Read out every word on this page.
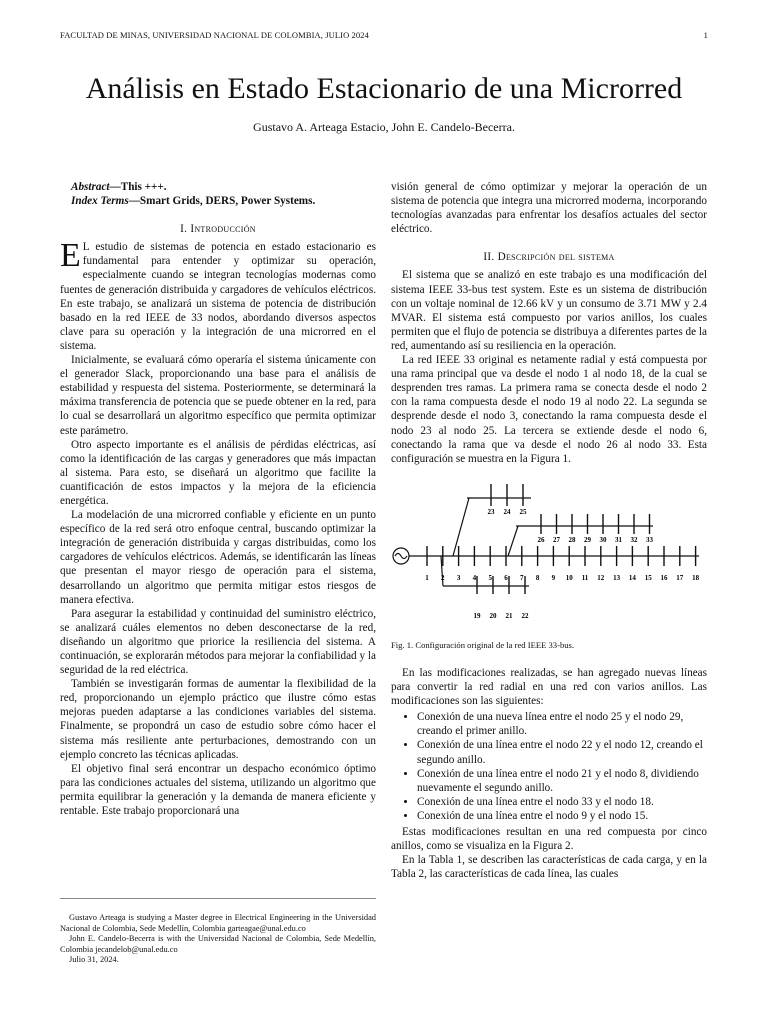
FACULTAD DE MINAS, UNIVERSIDAD NACIONAL DE COLOMBIA, JULIO 2024	1
Análisis en Estado Estacionario de una Microrred
Gustavo A. Arteaga Estacio, John E. Candelo-Becerra.

Abstract—This +++.

Index Terms—Smart Grids, DERS, Power Systems.

I. Introducción

E L estudio de sistemas de potencia en estado estacionario es fundamental para entender y optimizar su operación, especialmente cuando se integran tecnologías modernas como fuentes de generación distribuida y cargadores de vehículos eléctricos. En este trabajo, se analizará un sistema de potencia de distribución basado en la red IEEE de 33 nodos, abordando diversos aspectos clave para su operación y la integración de una microrred en el sistema.

Inicialmente, se evaluará cómo operaría el sistema únicamente con el generador Slack, proporcionando una base para el análisis de estabilidad y respuesta del sistema. Posteriormente, se determinará la máxima transferencia de potencia que se puede obtener en la red, para lo cual se desarrollará un algoritmo específico que permita optimizar este parámetro.

Otro aspecto importante es el análisis de pérdidas eléctricas, así como la identificación de las cargas y generadores que más impactan al sistema. Para esto, se diseñará un algoritmo que facilite la cuantificación de estos impactos y la mejora de la eficiencia energética.

La modelación de una microrred confiable y eficiente en un punto específico de la red será otro enfoque central, buscando optimizar la integración de generación distribuida y cargas distribuidas, como los cargadores de vehículos eléctricos. Además, se identificarán las líneas que presentan el mayor riesgo de operación para el sistema, desarrollando un algoritmo que permita mitigar estos riesgos de manera efectiva.

Para asegurar la estabilidad y continuidad del suministro eléctrico, se analizará cuáles elementos no deben desconectarse de la red, diseñando un algoritmo que priorice la resiliencia del sistema. A continuación, se explorarán métodos para mejorar la confiabilidad y la seguridad de la red eléctrica.

También se investigarán formas de aumentar la flexibilidad de la red, proporcionando un ejemplo práctico que ilustre cómo estas mejoras pueden adaptarse a las condiciones variables del sistema. Finalmente, se propondrá un caso de estudio sobre cómo hacer el sistema más resiliente ante perturbaciones, demostrando con un ejemplo concreto las técnicas aplicadas.

El objetivo final será encontrar un despacho económico óptimo para las condiciones actuales del sistema, utilizando un algoritmo que permita equilibrar la generación y la demanda de manera eficiente y rentable. Este trabajo proporcionará una

Gustavo Arteaga is studying a Master degree in Electrical Engineering in the Universidad Nacional de Colombia, Sede Medellín, Colombia garteagae@unal.edu.co
John E. Candelo-Becerra is with the Universidad Nacional de Colombia, Sede Medellín, Colombia jecandelob@unal.edu.co
Julio 31, 2024.

visión general de cómo optimizar y mejorar la operación de un sistema de potencia que integra una microrred moderna, incorporando tecnologías avanzadas para enfrentar los desafíos actuales del sector eléctrico.

II. Descripción del sistema

El sistema que se analizó en este trabajo es una modificación del sistema IEEE 33-bus test system. Este es un sistema de distribución con un voltaje nominal de 12.66 kV y un consumo de 3.71 MW y 2.4 MVAR. El sistema está compuesto por varios anillos, los cuales permiten que el flujo de potencia se distribuya a diferentes partes de la red, aumentando así su resiliencia en la operación.

La red IEEE 33 original es netamente radial y está compuesta por una rama principal que va desde el nodo 1 al nodo 18, de la cual se desprenden tres ramas. La primera rama se conecta desde el nodo 2 con la rama compuesta desde el nodo 19 al nodo 22. La segunda se desprende desde el nodo 3, conectando la rama compuesta desde el nodo 23 al nodo 25. La tercera se extiende desde el nodo 6, conectando la rama que va desde el nodo 26 al nodo 33. Esta configuración se muestra en la Figura 1.

1 2 3 4 5 6 7 8 9 10 11 12 13 14 15 16 17 18
23 24 25
26 27 28 29 30 31 32 33
19 20 21 22
Fig. 1. Configuración original de la red IEEE 33-bus.

En las modificaciones realizadas, se han agregado nuevas líneas para convertir la red radial en una red con varios anillos. Las modificaciones son las siguientes:

• Conexión de una nueva línea entre el nodo 25 y el nodo 29, creando el primer anillo.
• Conexión de una línea entre el nodo 22 y el nodo 12, creando el segundo anillo.
• Conexión de una línea entre el nodo 21 y el nodo 8, dividiendo nuevamente el segundo anillo.
• Conexión de una línea entre el nodo 33 y el nodo 18.
• Conexión de una línea entre el nodo 9 y el nodo 15.

Estas modificaciones resultan en una red compuesta por cinco anillos, como se visualiza en la Figura 2.

En la Tabla 1, se describen las características de cada carga, y en la Tabla 2, las características de cada línea, las cuales
